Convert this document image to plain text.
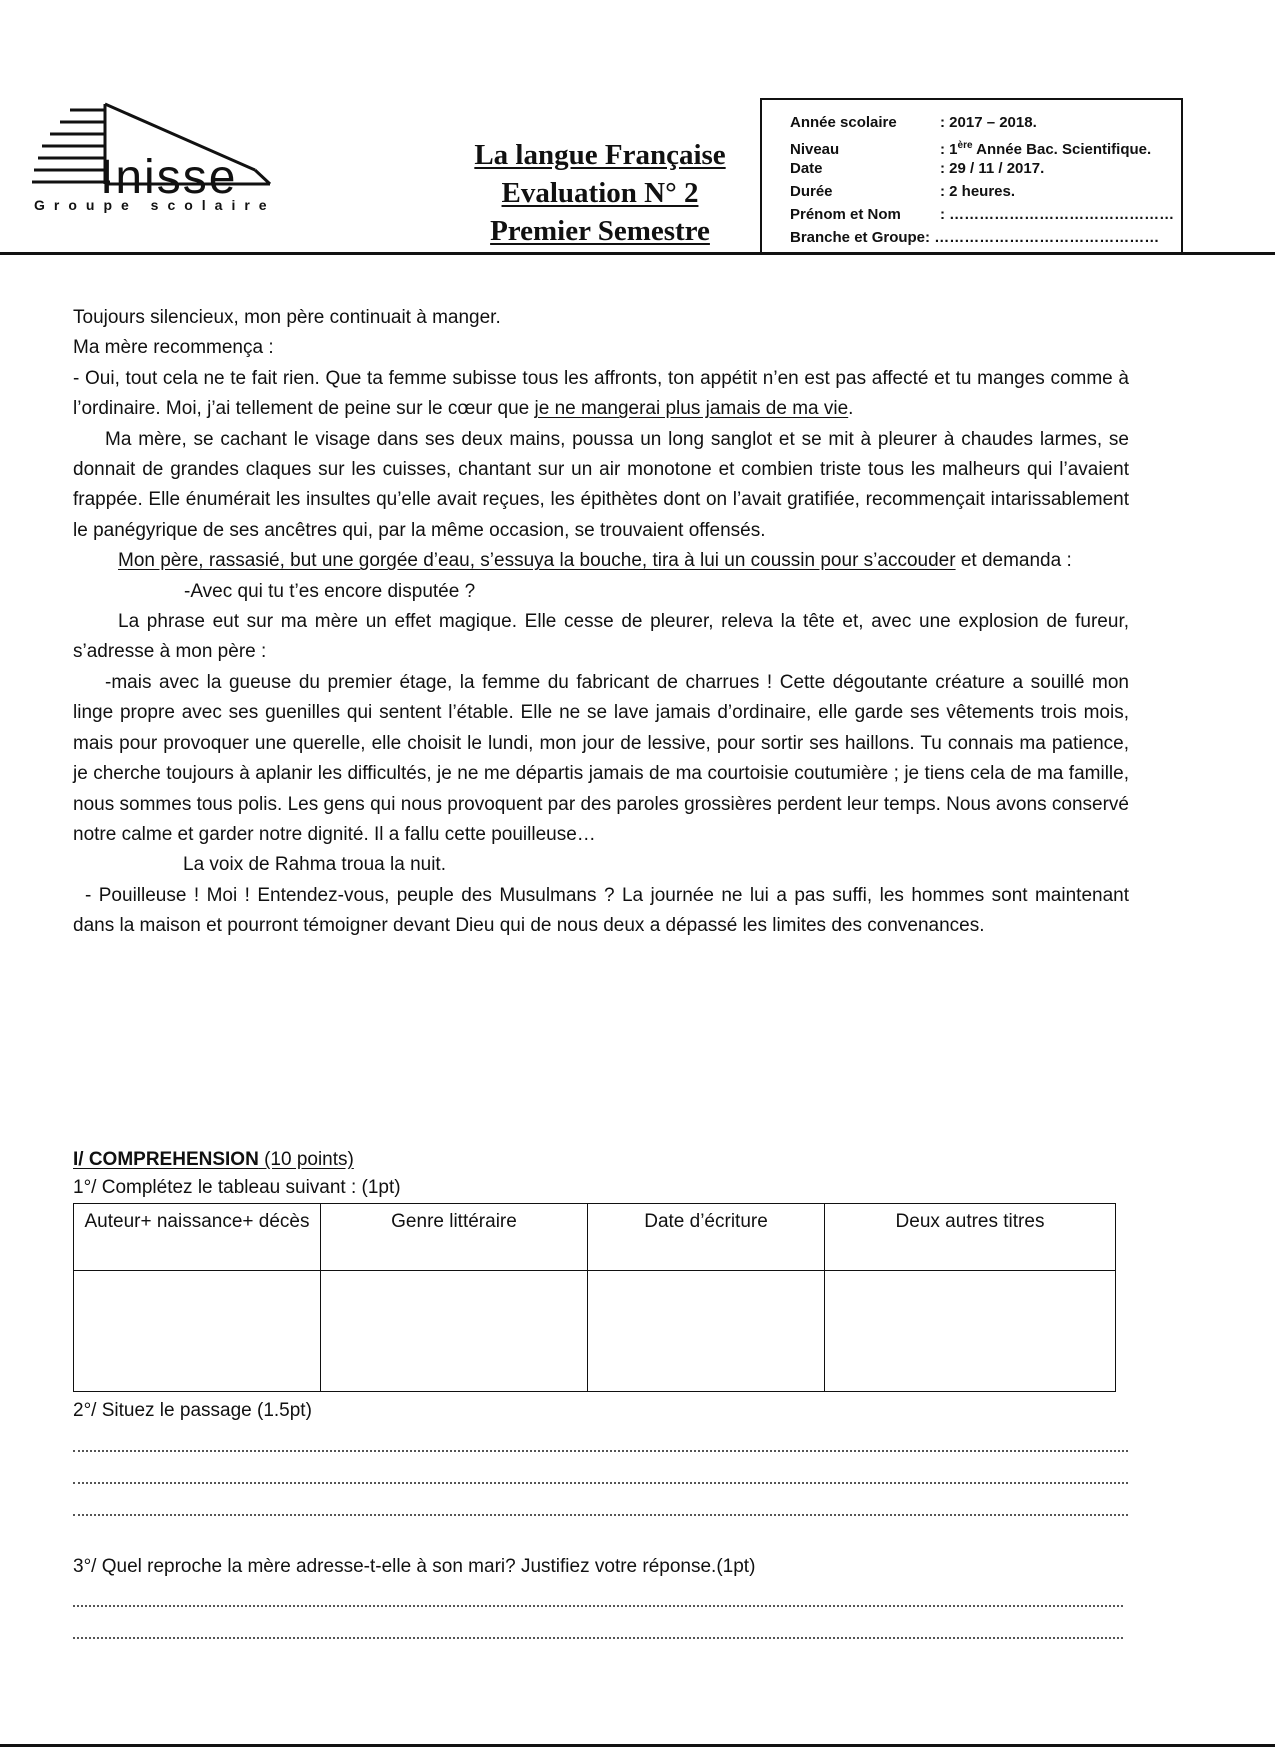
Inisse
Groupe scolaire
La langue Française
Evaluation N° 2
Premier Semestre
Année scolaire	: 2017 – 2018.
Niveau	: 1ère Année Bac. Scientifique.
Date	: 29 / 11 / 2017.
Durée	: 2 heures.
Prénom et Nom	: ………………………………………
Branche et Groupe: ………………………………………

Toujours silencieux, mon père continuait à manger.

Ma mère recommença :

- Oui, tout cela ne te fait rien. Que ta femme subisse tous les affronts, ton appétit n’en est pas affecté et tu manges comme à l’ordinaire. Moi, j’ai tellement de peine sur le cœur que je ne mangerai plus jamais de ma vie.

Ma mère, se cachant le visage dans ses deux mains, poussa un long sanglot et se mit à pleurer à chaudes larmes, se donnait de grandes claques sur les cuisses, chantant sur un air monotone et combien triste tous les malheurs qui l’avaient frappée. Elle énumérait les insultes qu’elle avait reçues, les épithètes dont on l’avait gratifiée, recommençait intarissablement le panégyrique de ses ancêtres qui, par la même occasion, se trouvaient offensés.

Mon père, rassasié, but une gorgée d’eau, s’essuya la bouche, tira à lui un coussin pour s’accouder et demanda :

-Avec qui tu t’es encore disputée ?

La phrase eut sur ma mère un effet magique. Elle cesse de pleurer, releva la tête et, avec une explosion de fureur, s’adresse à mon père :

-mais avec la gueuse du premier étage, la femme du fabricant de charrues ! Cette dégoutante créature a souillé mon linge propre avec ses guenilles qui sentent l’étable. Elle ne se lave jamais d’ordinaire, elle garde ses vêtements trois mois, mais pour provoquer une querelle, elle choisit le lundi, mon jour de lessive, pour sortir ses haillons. Tu connais ma patience, je cherche toujours à aplanir les difficultés, je ne me départis jamais de ma courtoisie coutumière ; je tiens cela de ma famille, nous sommes tous polis. Les gens qui nous provoquent par des paroles grossières perdent leur temps. Nous avons conservé notre calme et garder notre dignité. Il a fallu cette pouilleuse…

La voix de Rahma troua la nuit.

- Pouilleuse ! Moi ! Entendez-vous, peuple des Musulmans ? La journée ne lui a pas suffi, les hommes sont maintenant dans la maison et pourront témoigner devant Dieu qui de nous deux a dépassé les limites des convenances.

I/ COMPREHENSION (10 points)
1°/ Complétez le tableau suivant : (1pt)
Auteur+ naissance+ décès	Genre littéraire	Date d’écriture	Deux autres titres

2°/ Situez le passage (1.5pt)
3°/ Quel reproche la mère adresse-t-elle à son mari? Justifiez votre réponse.(1pt)
